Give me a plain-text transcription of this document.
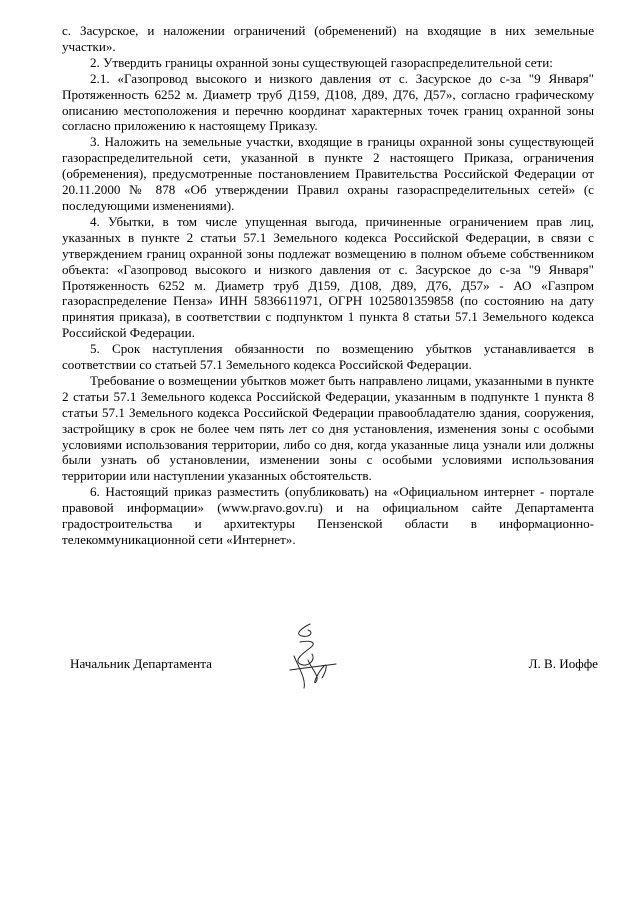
с. Засурское, и наложении ограничений (обременений) на входящие в них земельные участки».

2. Утвердить границы охранной зоны существующей газораспределительной сети:

2.1. «Газопровод высокого и низкого давления от с. Засурское до с-за "9 Января" Протяженность 6252 м. Диаметр труб Д159, Д108, Д89, Д76, Д57», согласно графическому описанию местоположения и перечню координат характерных точек границ охранной зоны согласно приложению к настоящему Приказу.

3. Наложить на земельные участки, входящие в границы охранной зоны существующей газораспределительной сети, указанной в пункте 2 настоящего Приказа, ограничения (обременения), предусмотренные постановлением Правительства Российской Федерации от 20.11.2000 № 878 «Об утверждении Правил охраны газораспределительных сетей» (с последующими изменениями).

4. Убытки, в том числе упущенная выгода, причиненные ограничением прав лиц, указанных в пункте 2 статьи 57.1 Земельного кодекса Российской Федерации, в связи с утверждением границ охранной зоны подлежат возмещению в полном объеме собственником объекта: «Газопровод высокого и низкого давления от с. Засурское до с-за "9 Января" Протяженность 6252 м. Диаметр труб Д159, Д108, Д89, Д76, Д57» - АО «Газпром газораспределение Пенза» ИНН 5836611971, ОГРН 1025801359858 (по состоянию на дату принятия приказа), в соответствии с подпунктом 1 пункта 8 статьи 57.1 Земельного кодекса Российской Федерации.

5. Срок наступления обязанности по возмещению убытков устанавливается в соответствии со статьей 57.1 Земельного кодекса Российской Федерации.

Требование о возмещении убытков может быть направлено лицами, указанными в пункте 2 статьи 57.1 Земельного кодекса Российской Федерации, указанным в подпункте 1 пункта 8 статьи 57.1 Земельного кодекса Российской Федерации правообладателю здания, сооружения, застройщику в срок не более чем пять лет со дня установления, изменения зоны с особыми условиями использования территории, либо со дня, когда указанные лица узнали или должны были узнать об установлении, изменении зоны с особыми условиями использования территории или наступлении указанных обстоятельств.

6. Настоящий приказ разместить (опубликовать) на «Официальном интернет - портале правовой информации» (www.pravo.gov.ru) и на официальном сайте Департамента градостроительства и архитектуры Пензенской области в информационно-телекоммуникационной сети «Интернет».

Начальник Департамента	Л. В. Иоффе
